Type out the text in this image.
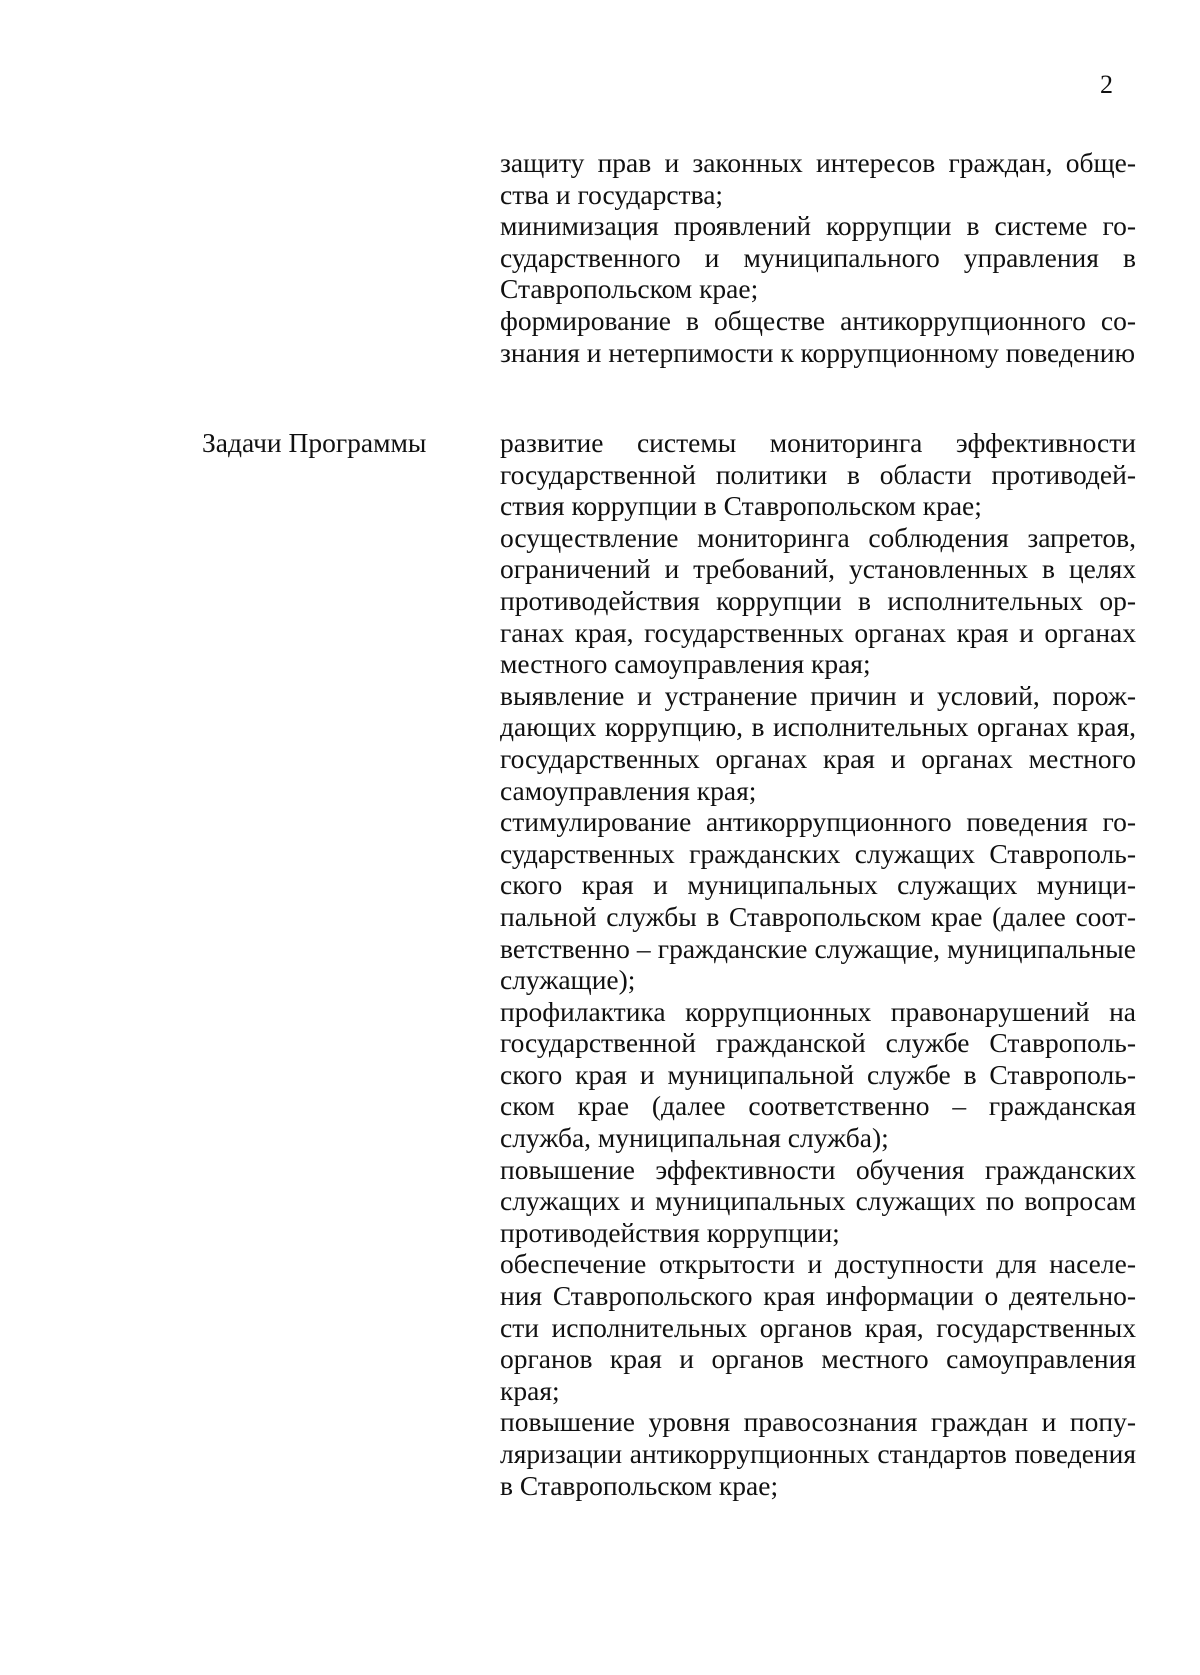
2

защиту прав и законных интересов граждан, общества и государства;

минимизация проявлений коррупции в системе государственного и муниципального управления в Ставропольском крае;

формирование в обществе антикоррупционного сознания и нетерпимости к коррупционному поведению

Задачи Программы	развитие системы мониторинга эффективности государственной политики в области противодействия коррупции в Ставропольском крае;

осуществление мониторинга соблюдения запретов, ограничений и требований, установленных в целях противодействия коррупции в исполнительных органах края, государственных органах края и органах местного самоуправления края;

выявление и устранение причин и условий, порождающих коррупцию, в исполнительных органах края, государственных органах края и органах местного самоуправления края;

стимулирование антикоррупционного поведения государственных гражданских служащих Ставропольского края и муниципальных служащих муниципальной службы в Ставропольском крае (далее соответственно – гражданские служащие, муниципальные служащие);

профилактика коррупционных правонарушений на государственной гражданской службе Ставропольского края и муниципальной службе в Ставропольском крае (далее соответственно – гражданская служба, муниципальная служба);

повышение эффективности обучения гражданских служащих и муниципальных служащих по вопросам противодействия коррупции;

обеспечение открытости и доступности для населения Ставропольского края информации о деятельности исполнительных органов края, государственных органов края и органов местного самоуправления края;

повышение уровня правосознания граждан и популяризации антикоррупционных стандартов поведения в Ставропольском крае;
